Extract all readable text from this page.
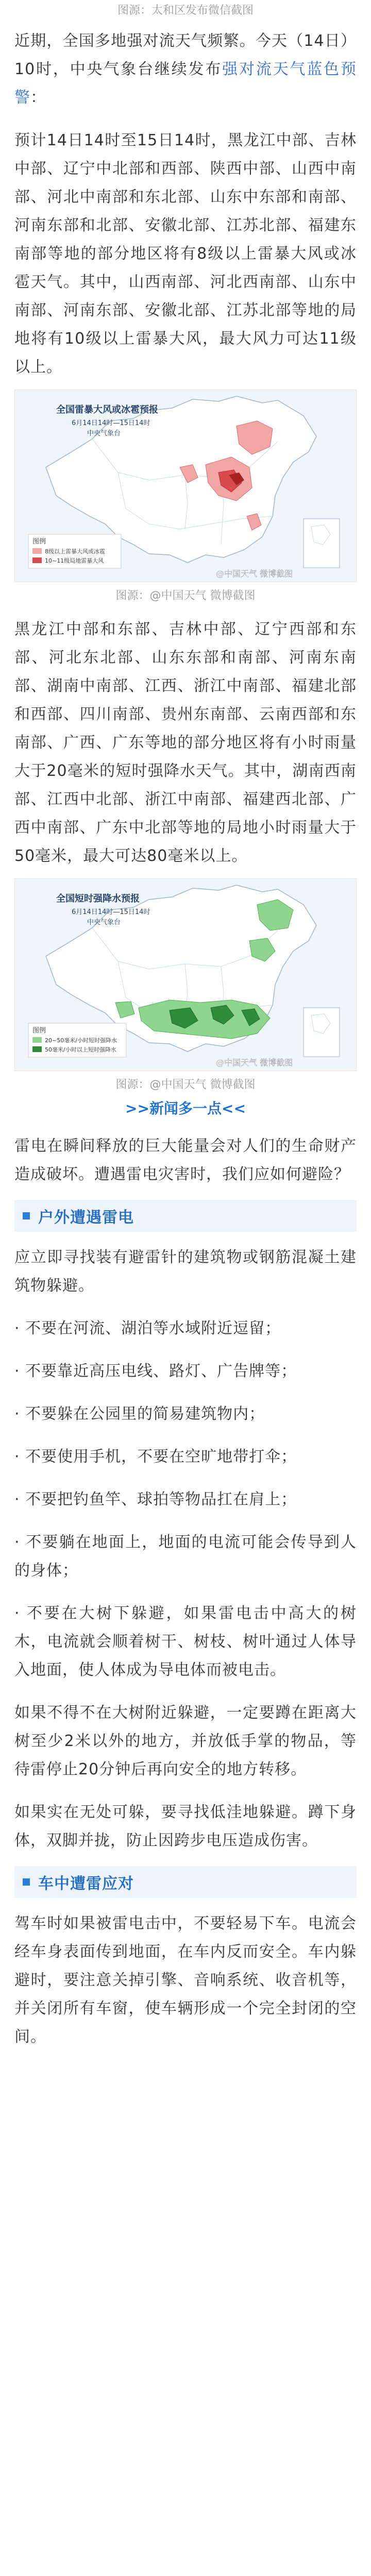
图源：太和区发布微信截图

近期，全国多地强对流天气频繁。今天（14日）10时，中央气象台继续发布强对流天气蓝色预警：

预计14日14时至15日14时，黑龙江中部、吉林中部、辽宁中北部和西部、陕西中部、山西中南部、河北中南部和东北部、山东中东部和南部、河南东部和北部、安徽北部、江苏北部、福建东南部等地的部分地区将有8级以上雷暴大风或冰雹天气。其中，山西南部、河北西南部、山东中南部、河南东部、安徽北部、江苏北部等地的局地将有10级以上雷暴大风，最大风力可达11级以上。

全国雷暴大风或冰雹预报
6月14日14时—15日14时
中央气象台
图例
8级以上雷暴大风或冰雹
10~11级局地雷暴大风
@中国天气 微博截图
图源：@中国天气 微博截图

黑龙江中部和东部、吉林中部、辽宁西部和东部、河北东北部、山东东部和南部、河南东南部、湖南中南部、江西、浙江中南部、福建北部和西部、四川南部、贵州东南部、云南西部和东南部、广西、广东等地的部分地区将有小时雨量大于20毫米的短时强降水天气。其中，湖南西南部、江西中北部、浙江中南部、福建西北部、广西中南部、广东中北部等地的局地小时雨量大于50毫米，最大可达80毫米以上。

全国短时强降水预报
6月14日14时—15日14时
中央气象台
图例
20~50毫米/小时短时强降水
50毫米/小时以上短时强降水
@中国天气 微博截图
图源：@中国天气 微博截图
>>新闻多一点<<

雷电在瞬间释放的巨大能量会对人们的生命财产造成破坏。遭遇雷电灾害时，我们应如何避险？

户外遭遇雷电

应立即寻找装有避雷针的建筑物或钢筋混凝土建筑物躲避。

· 不要在河流、湖泊等水域附近逗留；

· 不要靠近高压电线、路灯、广告牌等；

· 不要躲在公园里的简易建筑物内；

· 不要使用手机，不要在空旷地带打伞；

· 不要把钓鱼竿、球拍等物品扛在肩上；

· 不要躺在地面上，地面的电流可能会传导到人的身体；

· 不要在大树下躲避，如果雷电击中高大的树木，电流就会顺着树干、树枝、树叶通过人体导入地面，使人体成为导电体而被电击。

如果不得不在大树附近躲避，一定要蹲在距离大树至少2米以外的地方，并放低手掌的物品，等待雷停止20分钟后再向安全的地方转移。

如果实在无处可躲，要寻找低洼地躲避。蹲下身体，双脚并拢，防止因跨步电压造成伤害。

车中遭雷应对

驾车时如果被雷电击中，不要轻易下车。电流会经车身表面传到地面，在车内反而安全。车内躲避时，要注意关掉引擎、音响系统、收音机等，并关闭所有车窗，使车辆形成一个完全封闭的空间。
